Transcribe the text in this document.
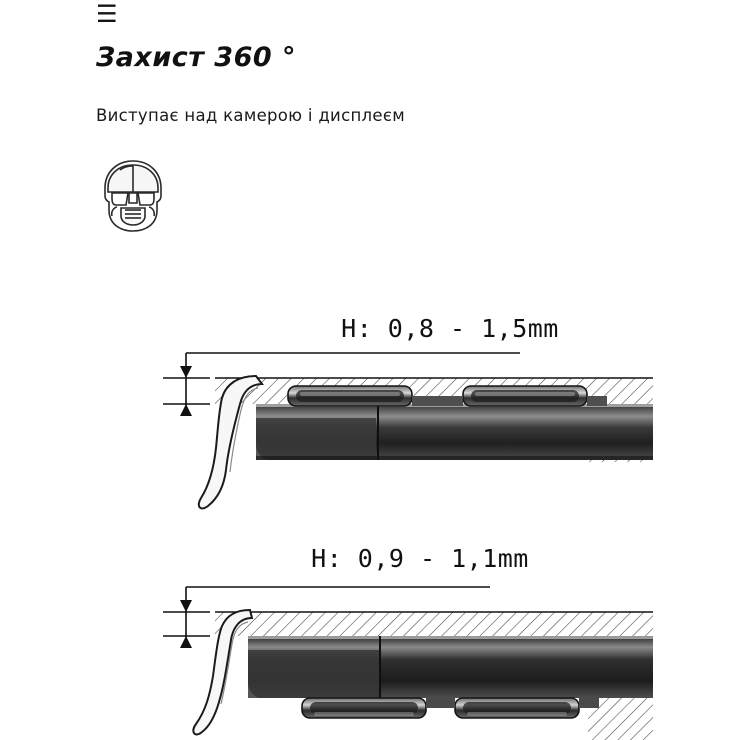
☰
Захист 360 °
Виступає над камерою і дисплеєм
H: 0,8 - 1,5mm
H: 0,9 - 1,1mm
